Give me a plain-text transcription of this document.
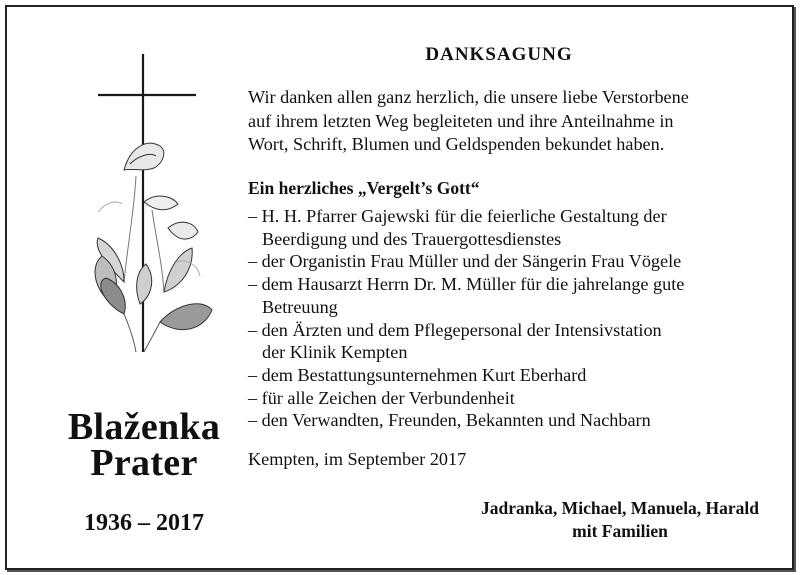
Blaženka
Prater
1936 – 2017
DANKSAGUNG
Wir danken allen ganz herzlich, die unsere liebe Verstorbene
auf ihrem letzten Weg begleiteten und ihre Anteilnahme in
Wort, Schrift, Blumen und Geldspenden bekundet haben.
Ein herzliches „Vergelt’s Gott“
– H. H. Pfarrer Gajewski für die feierliche Gestaltung der
Beerdigung und des Trauergottesdienstes
– der Organistin Frau Müller und der Sängerin Frau Vögele
– dem Hausarzt Herrn Dr. M. Müller für die jahrelange gute
Betreuung
– den Ärzten und dem Pflegepersonal der Intensivstation
der Klinik Kempten
– dem Bestattungsunternehmen Kurt Eberhard
– für alle Zeichen der Verbundenheit
– den Verwandten, Freunden, Bekannten und Nachbarn
Kempten, im September 2017
Jadranka, Michael, Manuela, Harald
mit Familien
